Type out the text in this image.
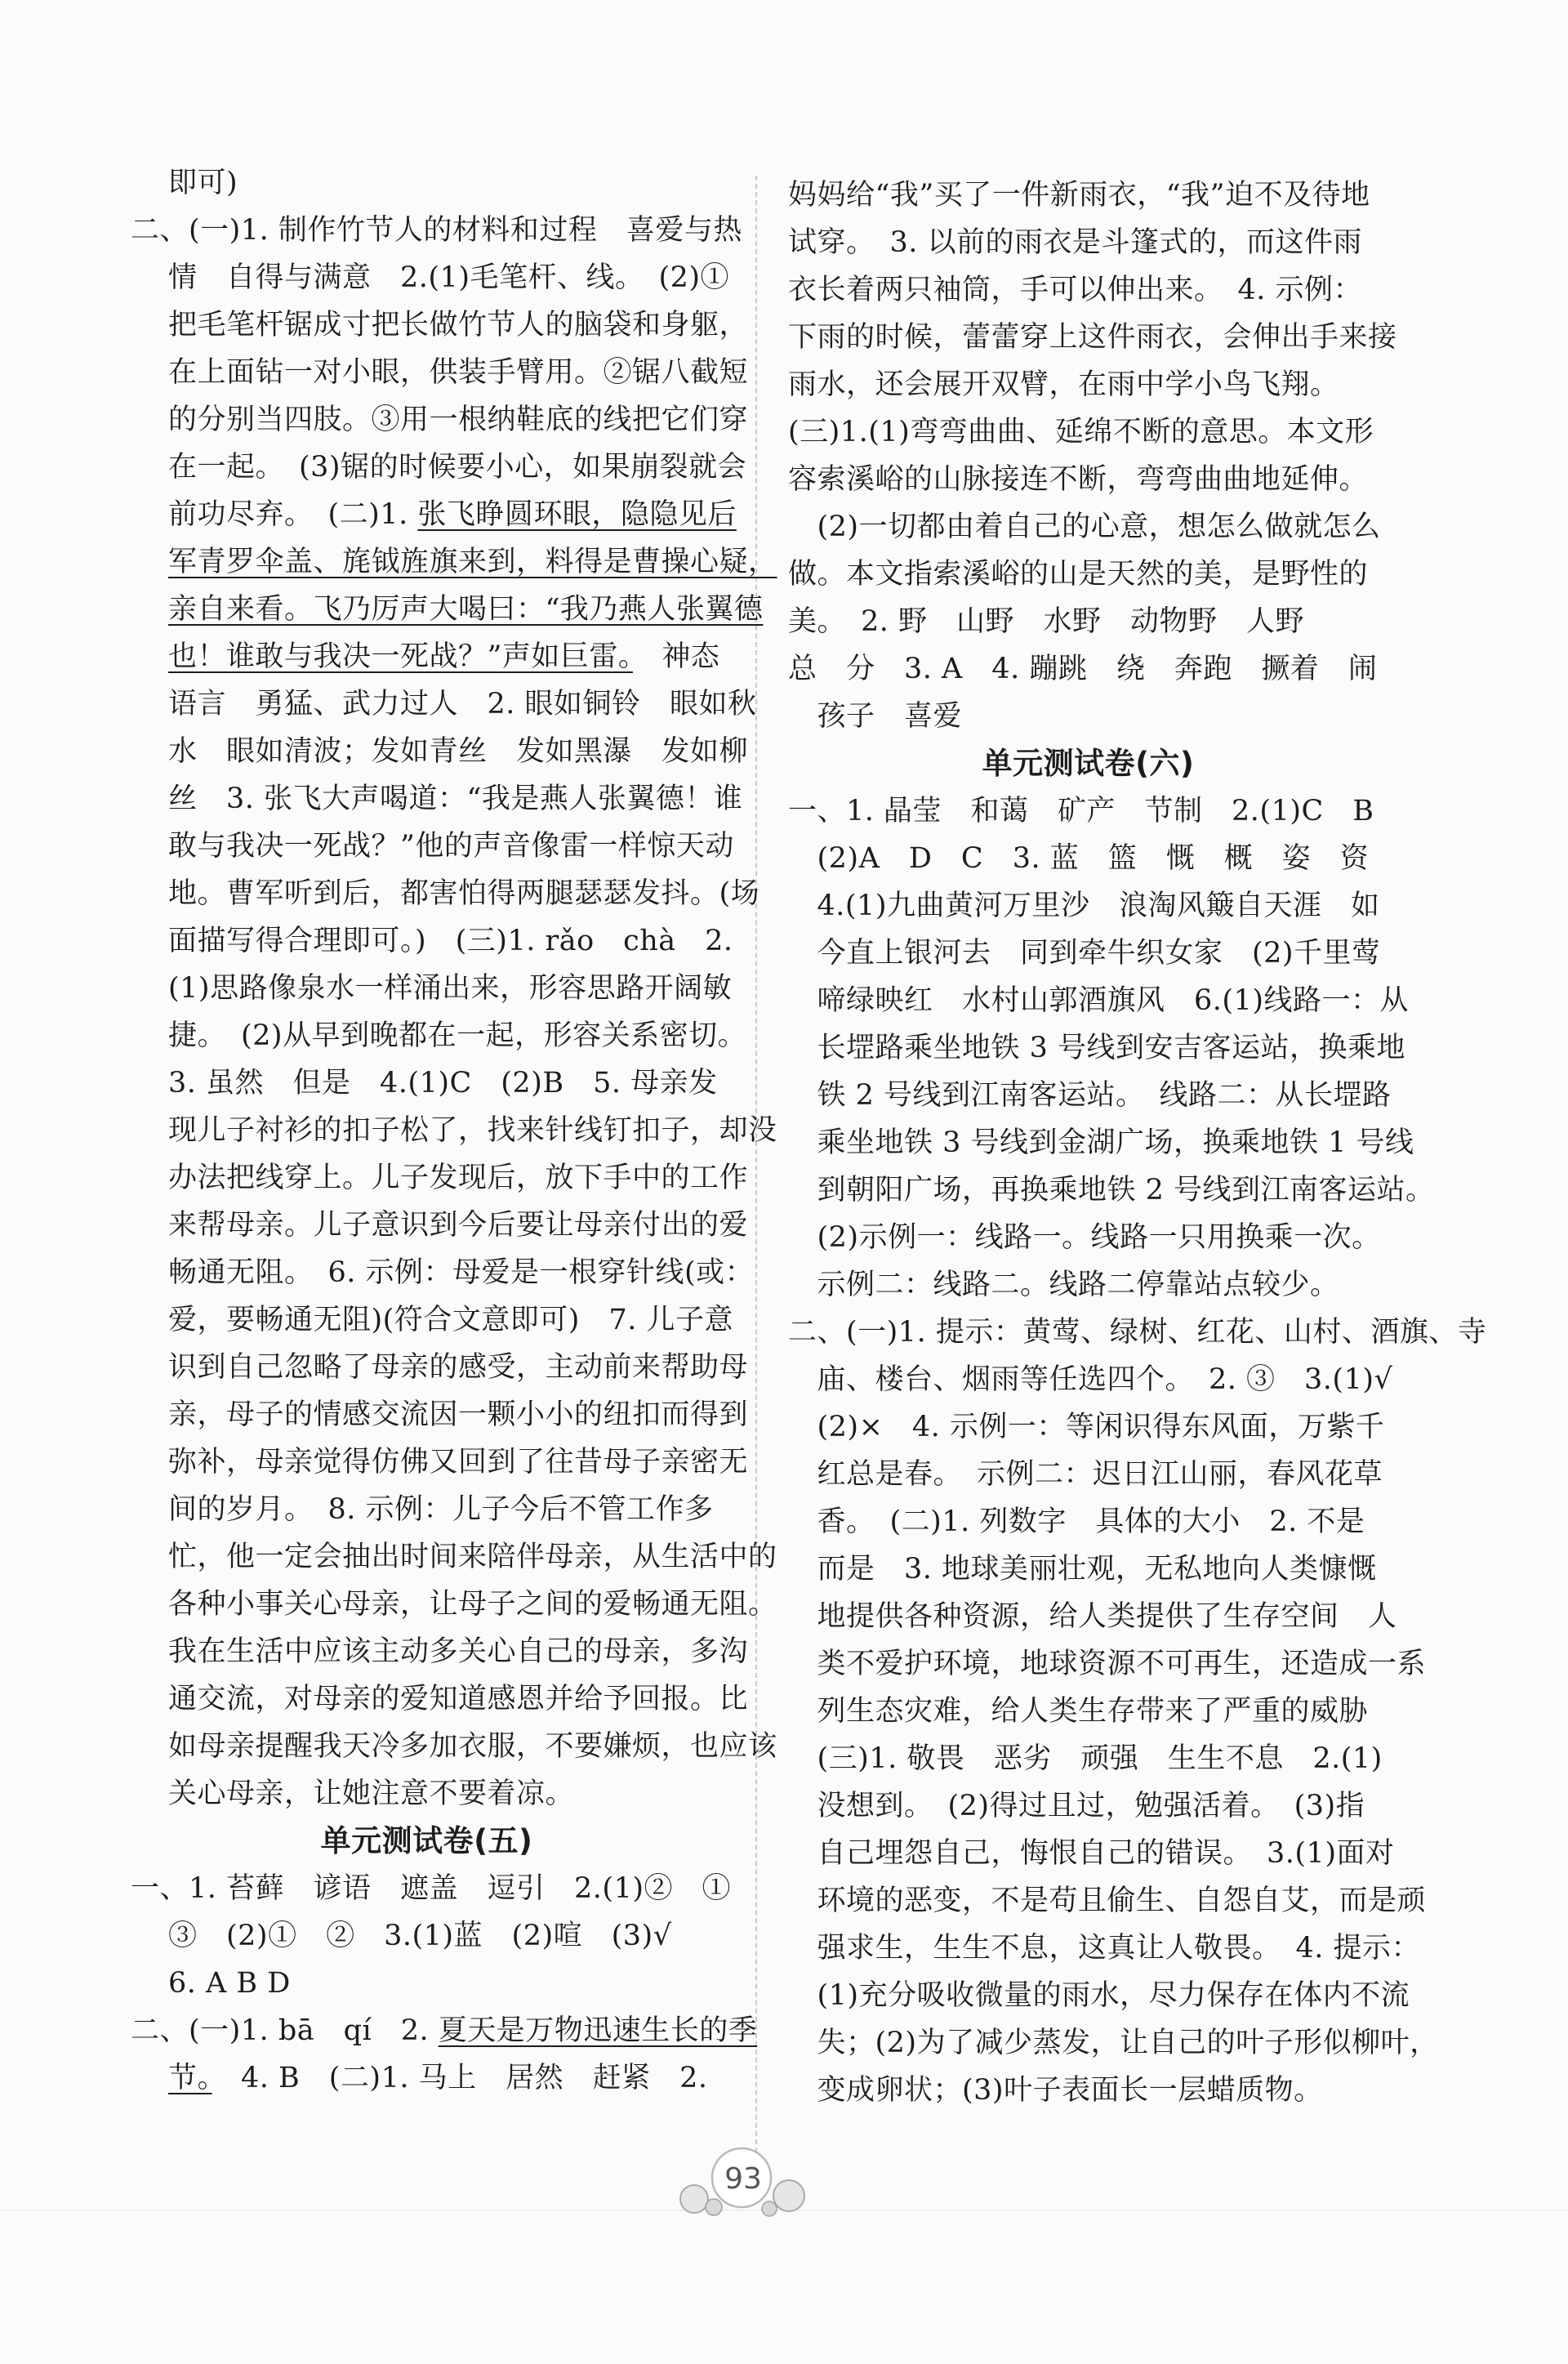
即可)
二、(一)1. 制作竹节人的材料和过程　喜爱与热
情　自得与满意　2.(1)毛笔杆、线。　(2)①
把毛笔杆锯成寸把长做竹节人的脑袋和身躯，
在上面钻一对小眼，供装手臂用。②锯八截短
的分别当四肢。③用一根纳鞋底的线把它们穿
在一起。　(3)锯的时候要小心，如果崩裂就会
前功尽弃。　(二)1. 张飞睁圆环眼，隐隐见后
军青罗伞盖、旄钺旌旗来到，料得是曹操心疑，
亲自来看。飞乃厉声大喝曰：“我乃燕人张翼德
也！谁敢与我决一死战？”声如巨雷。　神态
语言　勇猛、武力过人　2. 眼如铜铃　眼如秋
水　眼如清波；发如青丝　发如黑瀑　发如柳
丝　3. 张飞大声喝道：“我是燕人张翼德！谁
敢与我决一死战？”他的声音像雷一样惊天动
地。曹军听到后，都害怕得两腿瑟瑟发抖。(场
面描写得合理即可。)　(三)1. rǎo　chà　2.
(1)思路像泉水一样涌出来，形容思路开阔敏
捷。　(2)从早到晚都在一起，形容关系密切。
3. 虽然　但是　4.(1)C　(2)B　5. 母亲发
现儿子衬衫的扣子松了，找来针线钉扣子，却没
办法把线穿上。儿子发现后，放下手中的工作
来帮母亲。儿子意识到今后要让母亲付出的爱
畅通无阻。　6. 示例：母爱是一根穿针线(或：
爱，要畅通无阻)(符合文意即可)　7. 儿子意
识到自己忽略了母亲的感受，主动前来帮助母
亲，母子的情感交流因一颗小小的纽扣而得到
弥补，母亲觉得仿佛又回到了往昔母子亲密无
间的岁月。　8. 示例：儿子今后不管工作多
忙，他一定会抽出时间来陪伴母亲，从生活中的
各种小事关心母亲，让母子之间的爱畅通无阻。
我在生活中应该主动多关心自己的母亲，多沟
通交流，对母亲的爱知道感恩并给予回报。比
如母亲提醒我天冷多加衣服，不要嫌烦，也应该
关心母亲，让她注意不要着凉。
单元测试卷(五)
一、1. 苔藓　谚语　遮盖　逗引　2.(1)②　①
③　(2)①　②　3.(1)蓝　(2)喧　(3)√
6. A B D
二、(一)1. bā　qí　2. 夏天是万物迅速生长的季
节。　4. B　(二)1. 马上　居然　赶紧　2.
妈妈给“我”买了一件新雨衣，“我”迫不及待地
试穿。　3. 以前的雨衣是斗篷式的，而这件雨
衣长着两只袖筒，手可以伸出来。　4. 示例：
下雨的时候，蕾蕾穿上这件雨衣，会伸出手来接
雨水，还会展开双臂，在雨中学小鸟飞翔。
(三)1.(1)弯弯曲曲、延绵不断的意思。本文形
容索溪峪的山脉接连不断，弯弯曲曲地延伸。
　(2)一切都由着自己的心意，想怎么做就怎么
做。本文指索溪峪的山是天然的美，是野性的
美。　2. 野　山野　水野　动物野　人野
总　分　3. A　4. 蹦跳　绕　奔跑　撅着　闹
　孩子　喜爱
单元测试卷(六)
一、1. 晶莹　和蔼　矿产　节制　2.(1)C　B
　(2)A　D　C　3. 蓝　篮　慨　概　姿　资
　4.(1)九曲黄河万里沙　浪淘风簸自天涯　如
　今直上银河去　同到牵牛织女家　(2)千里莺
　啼绿映红　水村山郭酒旗风　6.(1)线路一：从
　长堽路乘坐地铁 3 号线到安吉客运站，换乘地
　铁 2 号线到江南客运站。　线路二：从长堽路
　乘坐地铁 3 号线到金湖广场，换乘地铁 1 号线
　到朝阳广场，再换乘地铁 2 号线到江南客运站。
　(2)示例一：线路一。线路一只用换乘一次。
　示例二：线路二。线路二停靠站点较少。
二、(一)1. 提示：黄莺、绿树、红花、山村、酒旗、寺
　庙、楼台、烟雨等任选四个。　2. ③　3.(1)√
　(2)×　4. 示例一：等闲识得东风面，万紫千
　红总是春。　示例二：迟日江山丽，春风花草
　香。　(二)1. 列数字　具体的大小　2. 不是
　而是　3. 地球美丽壮观，无私地向人类慷慨
　地提供各种资源，给人类提供了生存空间　人
　类不爱护环境，地球资源不可再生，还造成一系
　列生态灾难，给人类生存带来了严重的威胁
　(三)1. 敬畏　恶劣　顽强　生生不息　2.(1)
　没想到。　(2)得过且过，勉强活着。　(3)指
　自己埋怨自己，悔恨自己的错误。　3.(1)面对
　环境的恶变，不是苟且偷生、自怨自艾，而是顽
　强求生，生生不息，这真让人敬畏。　4. 提示：
　(1)充分吸收微量的雨水，尽力保存在体内不流
　失；(2)为了减少蒸发，让自己的叶子形似柳叶，
　变成卵状；(3)叶子表面长一层蜡质物。
93
